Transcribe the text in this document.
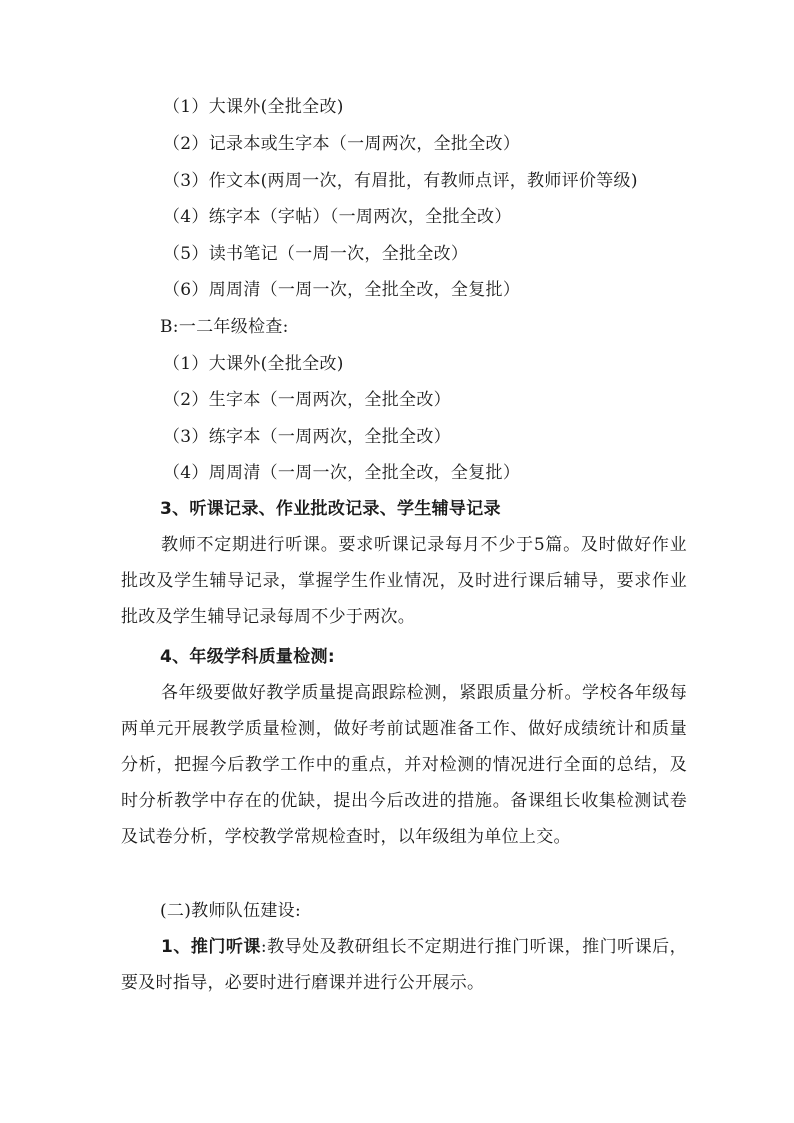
（1）大课外(全批全改)
（2）记录本或生字本（一周两次，全批全改）
（3）作文本(两周一次，有眉批，有教师点评，教师评价等级)
（4）练字本（字帖）（一周两次，全批全改）
（5）读书笔记（一周一次，全批全改）
（6）周周清（一周一次，全批全改，全复批）
B:一二年级检查:
（1）大课外(全批全改)
（2）生字本（一周两次，全批全改）
（3）练字本（一周两次，全批全改）
（4）周周清（一周一次，全批全改，全复批）
3、听课记录、作业批改记录、学生辅导记录
教师不定期进行听课。要求听课记录每月不少于5篇。及时做好作业批改及学生辅导记录，掌握学生作业情况，及时进行课后辅导，要求作业批改及学生辅导记录每周不少于两次。
4、年级学科质量检测:
各年级要做好教学质量提高跟踪检测，紧跟质量分析。学校各年级每两单元开展教学质量检测，做好考前试题准备工作、做好成绩统计和质量分析，把握今后教学工作中的重点，并对检测的情况进行全面的总结，及时分析教学中存在的优缺，提出今后改进的措施。备课组长收集检测试卷及试卷分析，学校教学常规检查时，以年级组为单位上交。
(二)教师队伍建设:
1、推门听课:教导处及教研组长不定期进行推门听课，推门听课后，要及时指导，必要时进行磨课并进行公开展示。
